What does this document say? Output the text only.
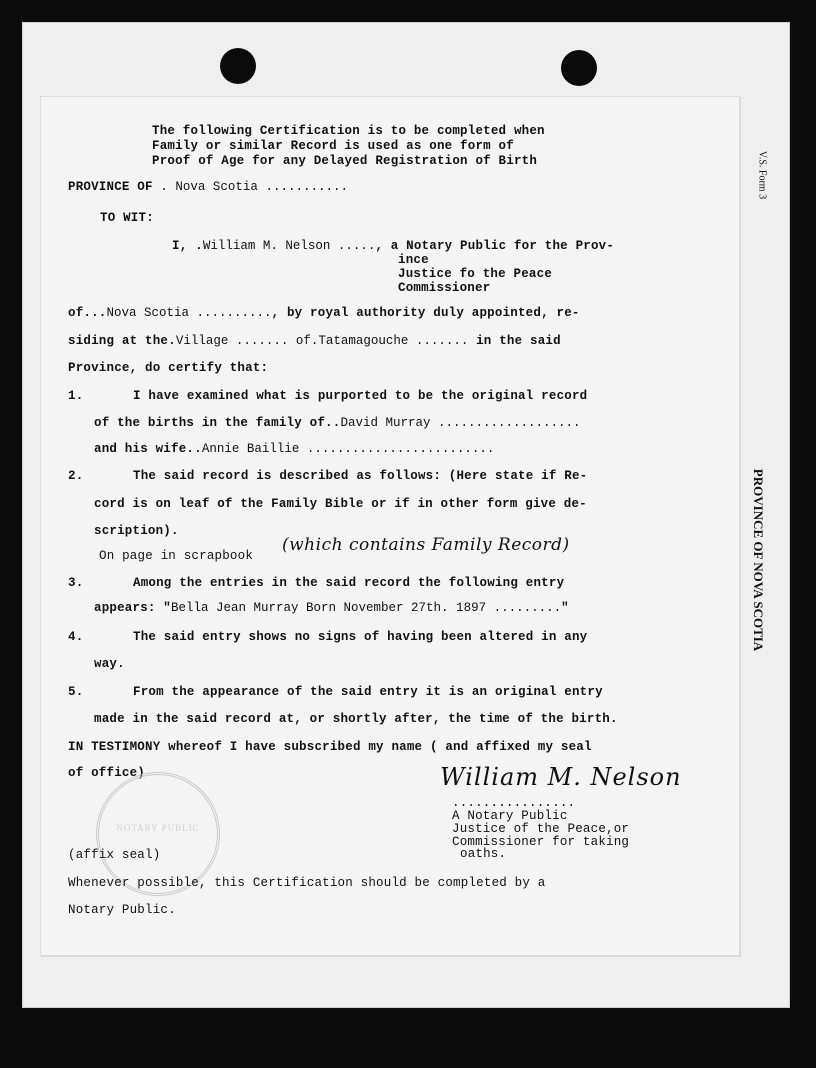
V.S. Form 3
PROVINCE OF NOVA SCOTIA
The following Certification is to be completed when
Family or similar Record is used as one form of
Proof of Age for any Delayed Registration of Birth
PROVINCE OF . Nova Scotia ...........
TO WIT:
I, .William M. Nelson ....., a Notary Public for the Prov-
ince
Justice fo the Peace
Commissioner
of...Nova Scotia .........., by royal authority duly appointed, re-
siding at the.Village ....... of.Tatamagouche ....... in the said
Province, do certify that:
1.	I have examined what is purported to be the original record
of the births in the family of..David Murray ...................
and his wife..Annie Baillie .........................
2.	The said record is described as follows: (Here state if Re-
cord is on leaf of the Family Bible or if in other form give de-
scription).
On page in scrapbook
(which contains Family Record)
3.	Among the entries in the said record the following entry
appears: "Bella Jean Murray Born November 27th. 1897 ........."
4.	The said entry shows no signs of having been altered in any
way.
5.	From the appearance of the said entry it is an original entry
made in the said record at, or shortly after, the time of the birth.
IN TESTIMONY whereof I have subscribed my name ( and affixed my seal
of office)
NOTARY PUBLIC
William M. Nelson
................
A Notary Public
Justice of the Peace,or
Commissioner for taking
oaths.
(affix seal)
Whenever possible, this Certification should be completed by a
Notary Public.
